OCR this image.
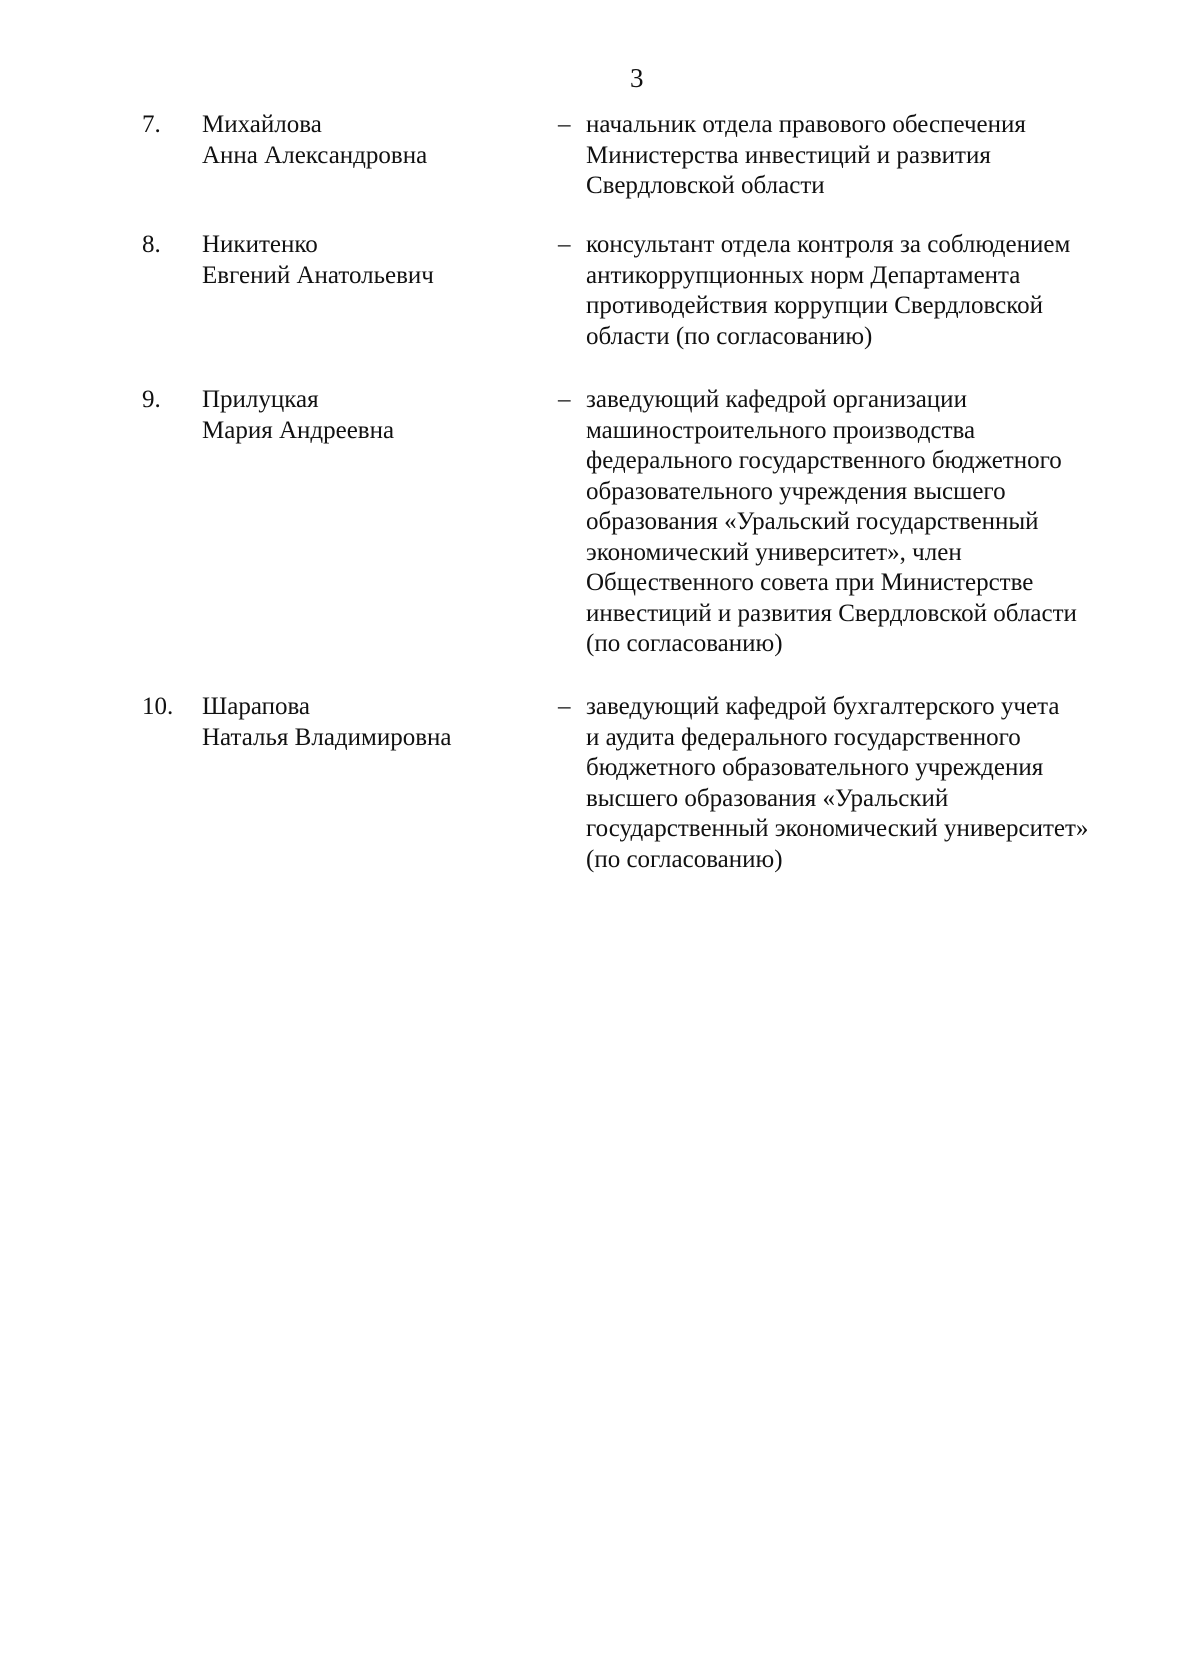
3
7. Михайлова
Анна Александровна
– начальник отдела правового обеспечения
Министерства инвестиций и развития
Свердловской области
8. Никитенко
Евгений Анатольевич
– консультант отдела контроля за соблюдением
антикоррупционных норм Департамента
противодействия коррупции Свердловской
области (по согласованию)
9. Прилуцкая
Мария Андреевна
– заведующий кафедрой организации
машиностроительного производства
федерального государственного бюджетного
образовательного учреждения высшего
образования «Уральский государственный
экономический университет», член
Общественного совета при Министерстве
инвестиций и развития Свердловской области
(по согласованию)
10. Шарапова
Наталья Владимировна
– заведующий кафедрой бухгалтерского учета
и аудита федерального государственного
бюджетного образовательного учреждения
высшего образования «Уральский
государственный экономический университет»
(по согласованию)
